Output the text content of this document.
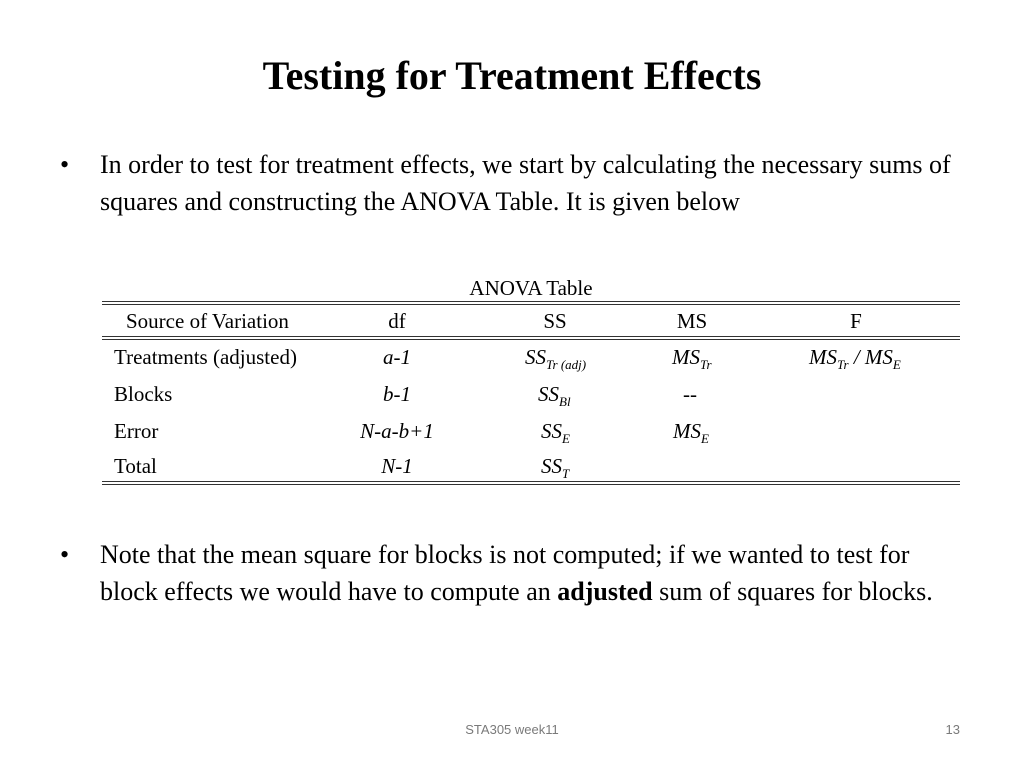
Testing for Treatment Effects
• In order to test for treatment effects, we start by calculating the necessary sums of squares and constructing the ANOVA Table. It is given below
ANOVA Table
Source of Variation	df	SS	MS	F
Treatments (adjusted)	a-1	$SS_{Tr (adj)}$	$MS_{Tr}$	$MS_{Tr} / MS_E$
Blocks	b-1	$SS_{Bl}$	--
Error	N-a-b+1	$SS_E$	$MS_E$
Total	N-1	$SS_T$
• Note that the mean square for blocks is not computed; if we wanted to test for block effects we would have to compute an adjusted sum of squares for blocks.
STA305 week11	13
